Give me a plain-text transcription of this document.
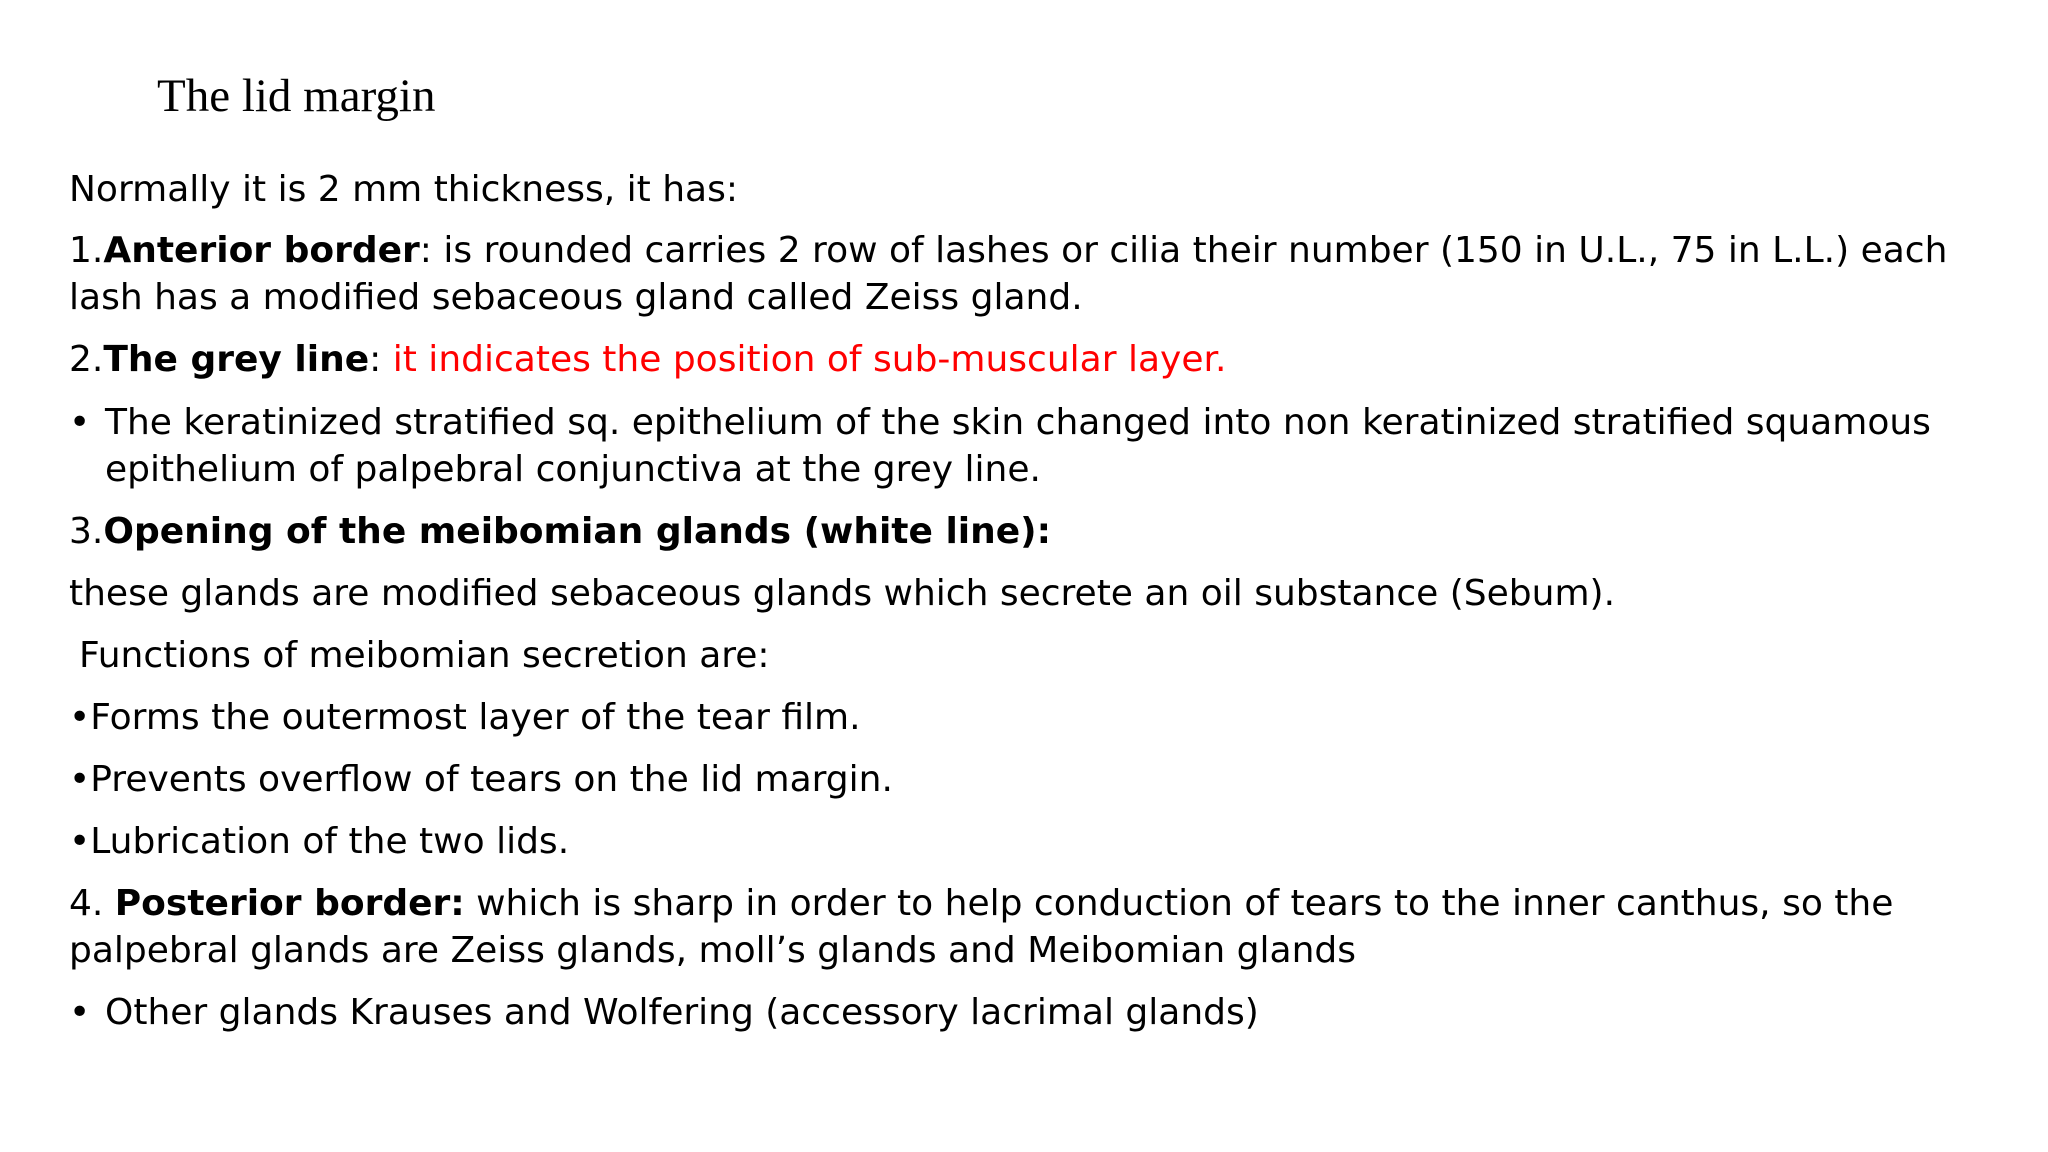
The lid margin
Normally it is 2 mm thickness, it has:
1.Anterior border: is rounded carries 2 row of lashes or cilia their number (150 in U.L., 75 in L.L.) each
lash has a modified sebaceous gland called Zeiss gland.
2.The grey line: it indicates the position of sub-muscular layer.
• The keratinized stratified sq. epithelium of the skin changed into non keratinized stratified squamous
epithelium of palpebral conjunctiva at the grey line.
3.Opening of the meibomian glands (white line):
these glands are modified sebaceous glands which secrete an oil substance (Sebum).
Functions of meibomian secretion are:
•Forms the outermost layer of the tear film.
•Prevents overflow of tears on the lid margin.
•Lubrication of the two lids.
4. Posterior border: which is sharp in order to help conduction of tears to the inner canthus, so the
palpebral glands are Zeiss glands, moll’s glands and Meibomian glands
• Other glands Krauses and Wolfering (accessory lacrimal glands)
